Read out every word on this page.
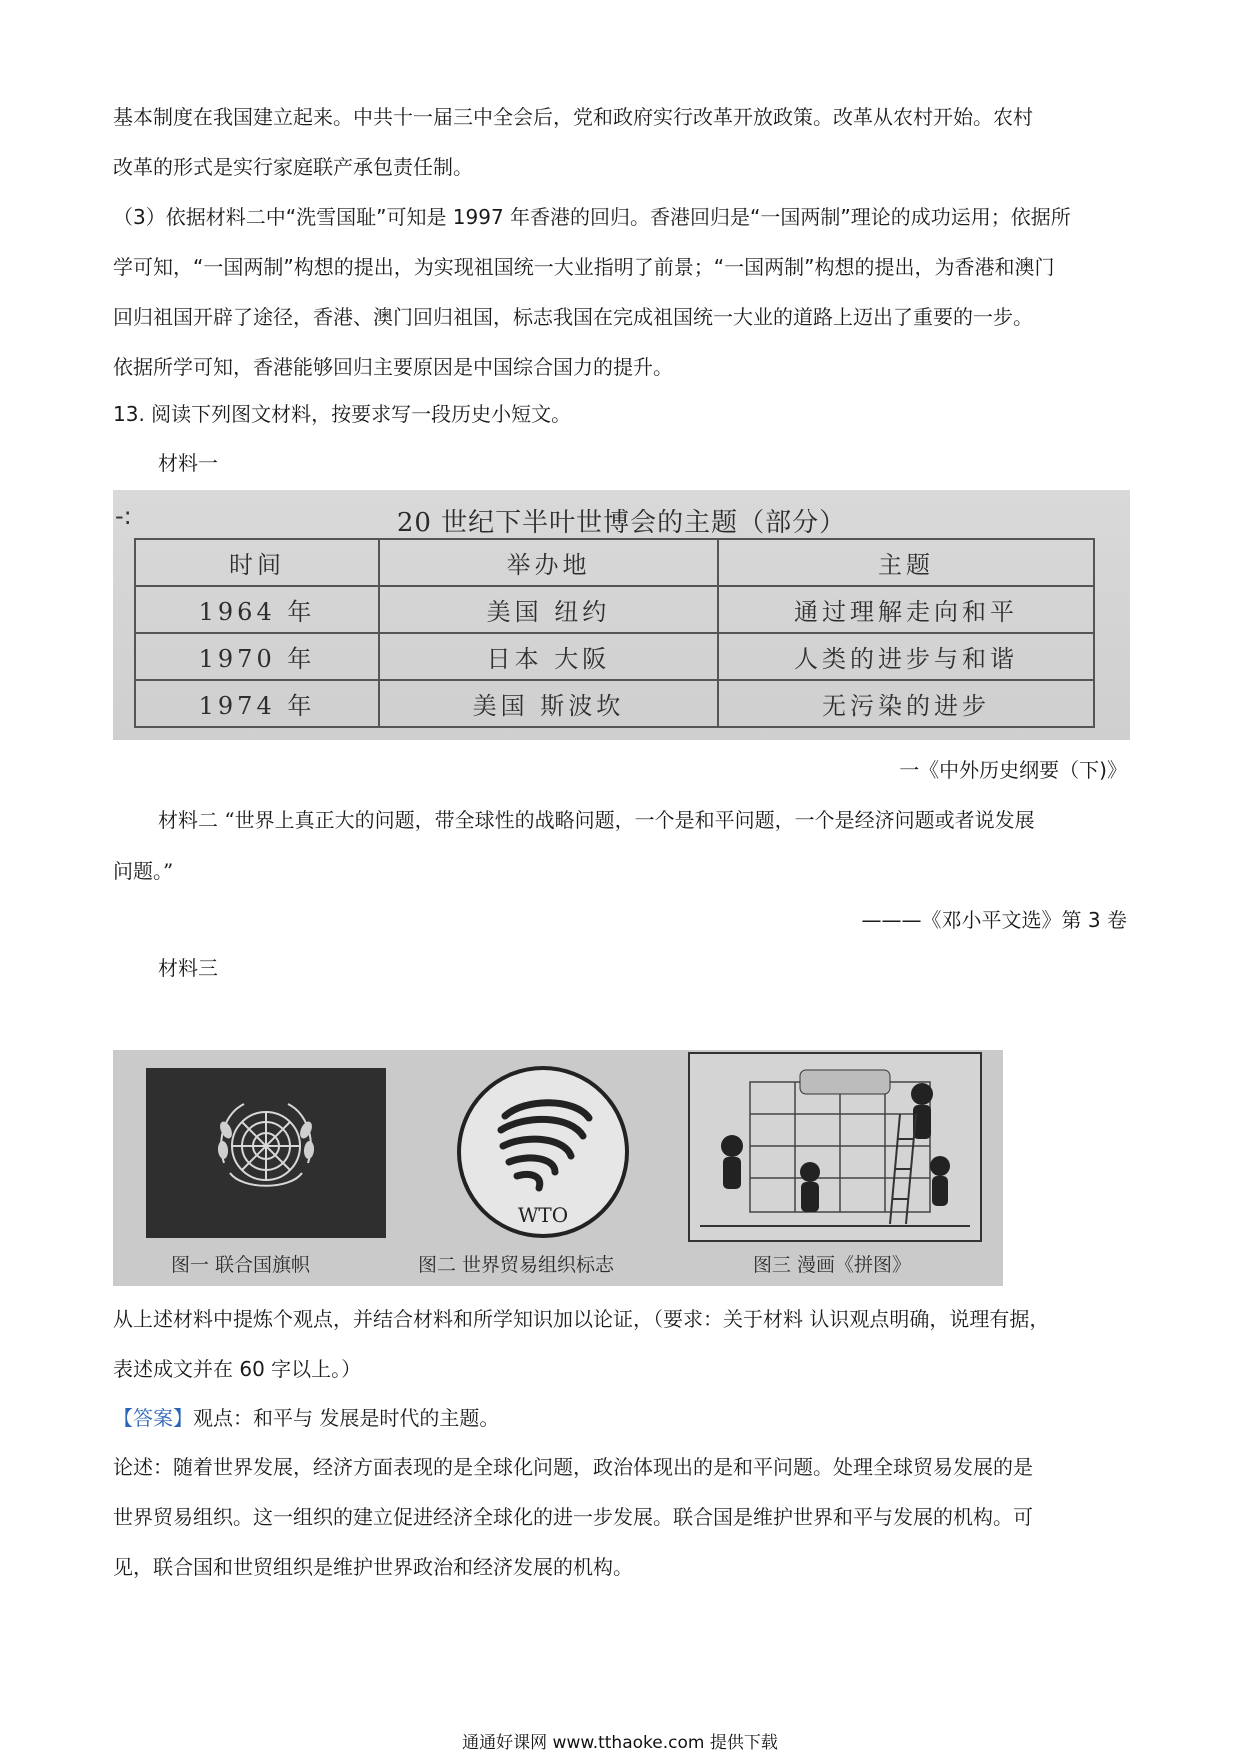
基本制度在我国建立起来。中共十一届三中全会后，党和政府实行改革开放政策。改革从农村开始。农村
改革的形式是实行家庭联产承包责任制。
（3）依据材料二中“洗雪国耻”可知是 1997 年香港的回归。香港回归是“一国两制”理论的成功运用；依据所
学可知，“一国两制”构想的提出，为实现祖国统一大业指明了前景；“一国两制”构想的提出，为香港和澳门
回归祖国开辟了途径，香港、澳门回归祖国，标志我国在完成祖国统一大业的道路上迈出了重要的一步。
依据所学可知，香港能够回归主要原因是中国综合国力的提升。
13. 阅读下列图文材料，按要求写一段历史小短文。
材料一
-:	20 世纪下半叶世博会的主题（部分）
时间	举办地	主题
1964 年	美国 纽约	通过理解走向和平
1970 年	日本 大阪	人类的进步与和谐
1974 年	美国 斯波坎	无污染的进步
一《中外历史纲要（下)》
材料二 “世界上真正大的问题，带全球性的战略问题，一个是和平问题，一个是经济问题或者说发展
问题。”
———《邓小平文选》第 3 卷
材料三
WTO
图一 联合国旗帜	图二 世界贸易组织标志	图三 漫画《拼图》
从上述材料中提炼个观点，并结合材料和所学知识加以论证，（要求：关于材料 认识观点明确，说理有据，
表述成文并在 60 字以上。）
【答案】观点：和平与 发展是时代的主题。
论述：随着世界发展，经济方面表现的是全球化问题，政治体现出的是和平问题。处理全球贸易发展的是
世界贸易组织。这一组织的建立促进经济全球化的进一步发展。联合国是维护世界和平与发展的机构。可
见，联合国和世贸组织是维护世界政治和经济发展的机构。
通通好课网 www.tthaoke.com 提供下载
